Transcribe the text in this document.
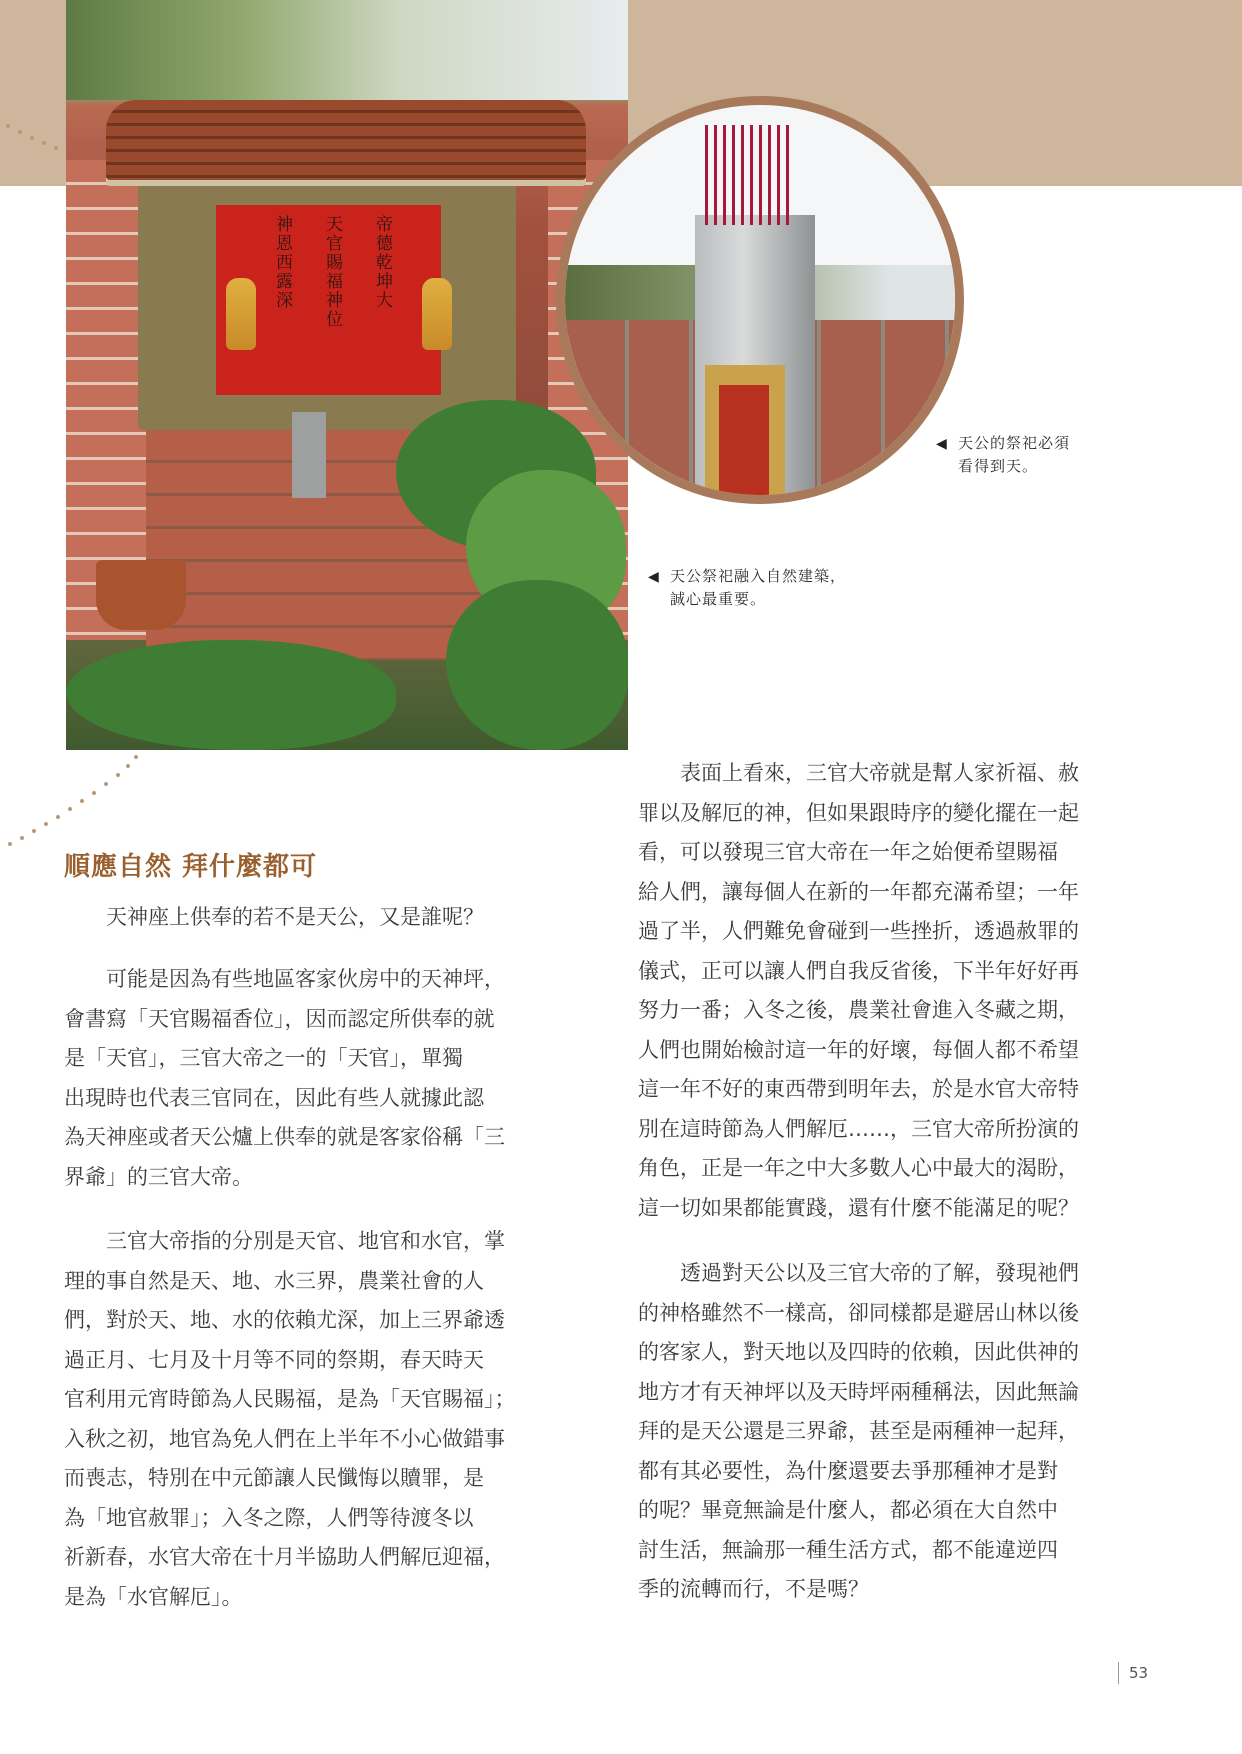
神恩西露深	天官賜福神位	帝德乾坤大
◀ 天公的祭祀必須
看得到天。
◀ 天公祭祀融入自然建築，
誠心最重要。
順應自然 拜什麼都可
天神座上供奉的若不是天公，又是誰呢？
可能是因為有些地區客家伙房中的天神坪，
會書寫「天官賜福香位」，因而認定所供奉的就
是「天官」，三官大帝之一的「天官」，單獨
出現時也代表三官同在，因此有些人就據此認
為天神座或者天公爐上供奉的就是客家俗稱「三
界爺」的三官大帝。
三官大帝指的分別是天官、地官和水官，掌
理的事自然是天、地、水三界，農業社會的人
們，對於天、地、水的依賴尤深，加上三界爺透
過正月、七月及十月等不同的祭期，春天時天
官利用元宵時節為人民賜福，是為「天官賜福」；
入秋之初，地官為免人們在上半年不小心做錯事
而喪志，特別在中元節讓人民懺悔以贖罪，是
為「地官赦罪」；入冬之際，人們等待渡冬以
祈新春，水官大帝在十月半協助人們解厄迎福，
是為「水官解厄」。
表面上看來，三官大帝就是幫人家祈福、赦
罪以及解厄的神，但如果跟時序的變化擺在一起
看，可以發現三官大帝在一年之始便希望賜福
給人們，讓每個人在新的一年都充滿希望；一年
過了半，人們難免會碰到一些挫折，透過赦罪的
儀式，正可以讓人們自我反省後，下半年好好再
努力一番；入冬之後，農業社會進入冬藏之期，
人們也開始檢討這一年的好壞，每個人都不希望
這一年不好的東西帶到明年去，於是水官大帝特
別在這時節為人們解厄……，三官大帝所扮演的
角色，正是一年之中大多數人心中最大的渴盼，
這一切如果都能實踐，還有什麼不能滿足的呢？
透過對天公以及三官大帝的了解，發現祂們
的神格雖然不一樣高，卻同樣都是避居山林以後
的客家人，對天地以及四時的依賴，因此供神的
地方才有天神坪以及天時坪兩種稱法，因此無論
拜的是天公還是三界爺，甚至是兩種神一起拜，
都有其必要性，為什麼還要去爭那種神才是對
的呢？畢竟無論是什麼人，都必須在大自然中
討生活，無論那一種生活方式，都不能違逆四
季的流轉而行，不是嗎？
53
